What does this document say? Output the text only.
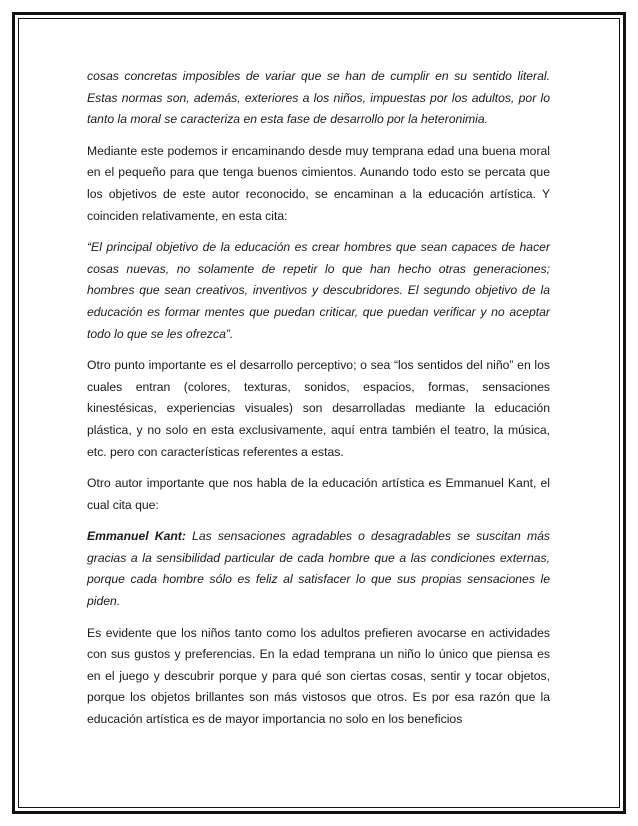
cosas concretas imposibles de variar que se han de cumplir en su sentido literal. Estas normas son, además, exteriores a los niños, impuestas por los adultos, por lo tanto la moral se caracteriza en esta fase de desarrollo por la heteronimia.

Mediante este podemos ir encaminando desde muy temprana edad una buena moral en el pequeño para que tenga buenos cimientos. Aunando todo esto se percata que los objetivos de este autor reconocido, se encaminan a la educación artística. Y coinciden relativamente, en esta cita:

“El principal objetivo de la educación es crear hombres que sean capaces de hacer cosas nuevas, no solamente de repetir lo que han hecho otras generaciones; hombres que sean creativos, inventivos y descubridores. El segundo objetivo de la educación es formar mentes que puedan criticar, que puedan verificar y no aceptar todo lo que se les ofrezca”.

Otro punto importante es el desarrollo perceptivo; o sea “los sentidos del niño” en los cuales entran (colores, texturas, sonidos, espacios, formas, sensaciones kinestésicas, experiencias visuales) son desarrolladas mediante la educación plástica, y no solo en esta exclusivamente, aquí entra también el teatro, la música, etc. pero con características referentes a estas.

Otro autor importante que nos habla de la educación artística es Emmanuel Kant, el cual cita que:

Emmanuel Kant: Las sensaciones agradables o desagradables se suscitan más gracias a la sensibilidad particular de cada hombre que a las condiciones externas, porque cada hombre sólo es feliz al satisfacer lo que sus propias sensaciones le piden.

Es evidente que los niños tanto como los adultos prefieren avocarse en actividades con sus gustos y preferencias. En la edad temprana un niño lo único que piensa es en el juego y descubrir porque y para qué son ciertas cosas, sentir y tocar objetos, porque los objetos brillantes son más vistosos que otros. Es por esa razón que la educación artística es de mayor importancia no solo en los beneficios
